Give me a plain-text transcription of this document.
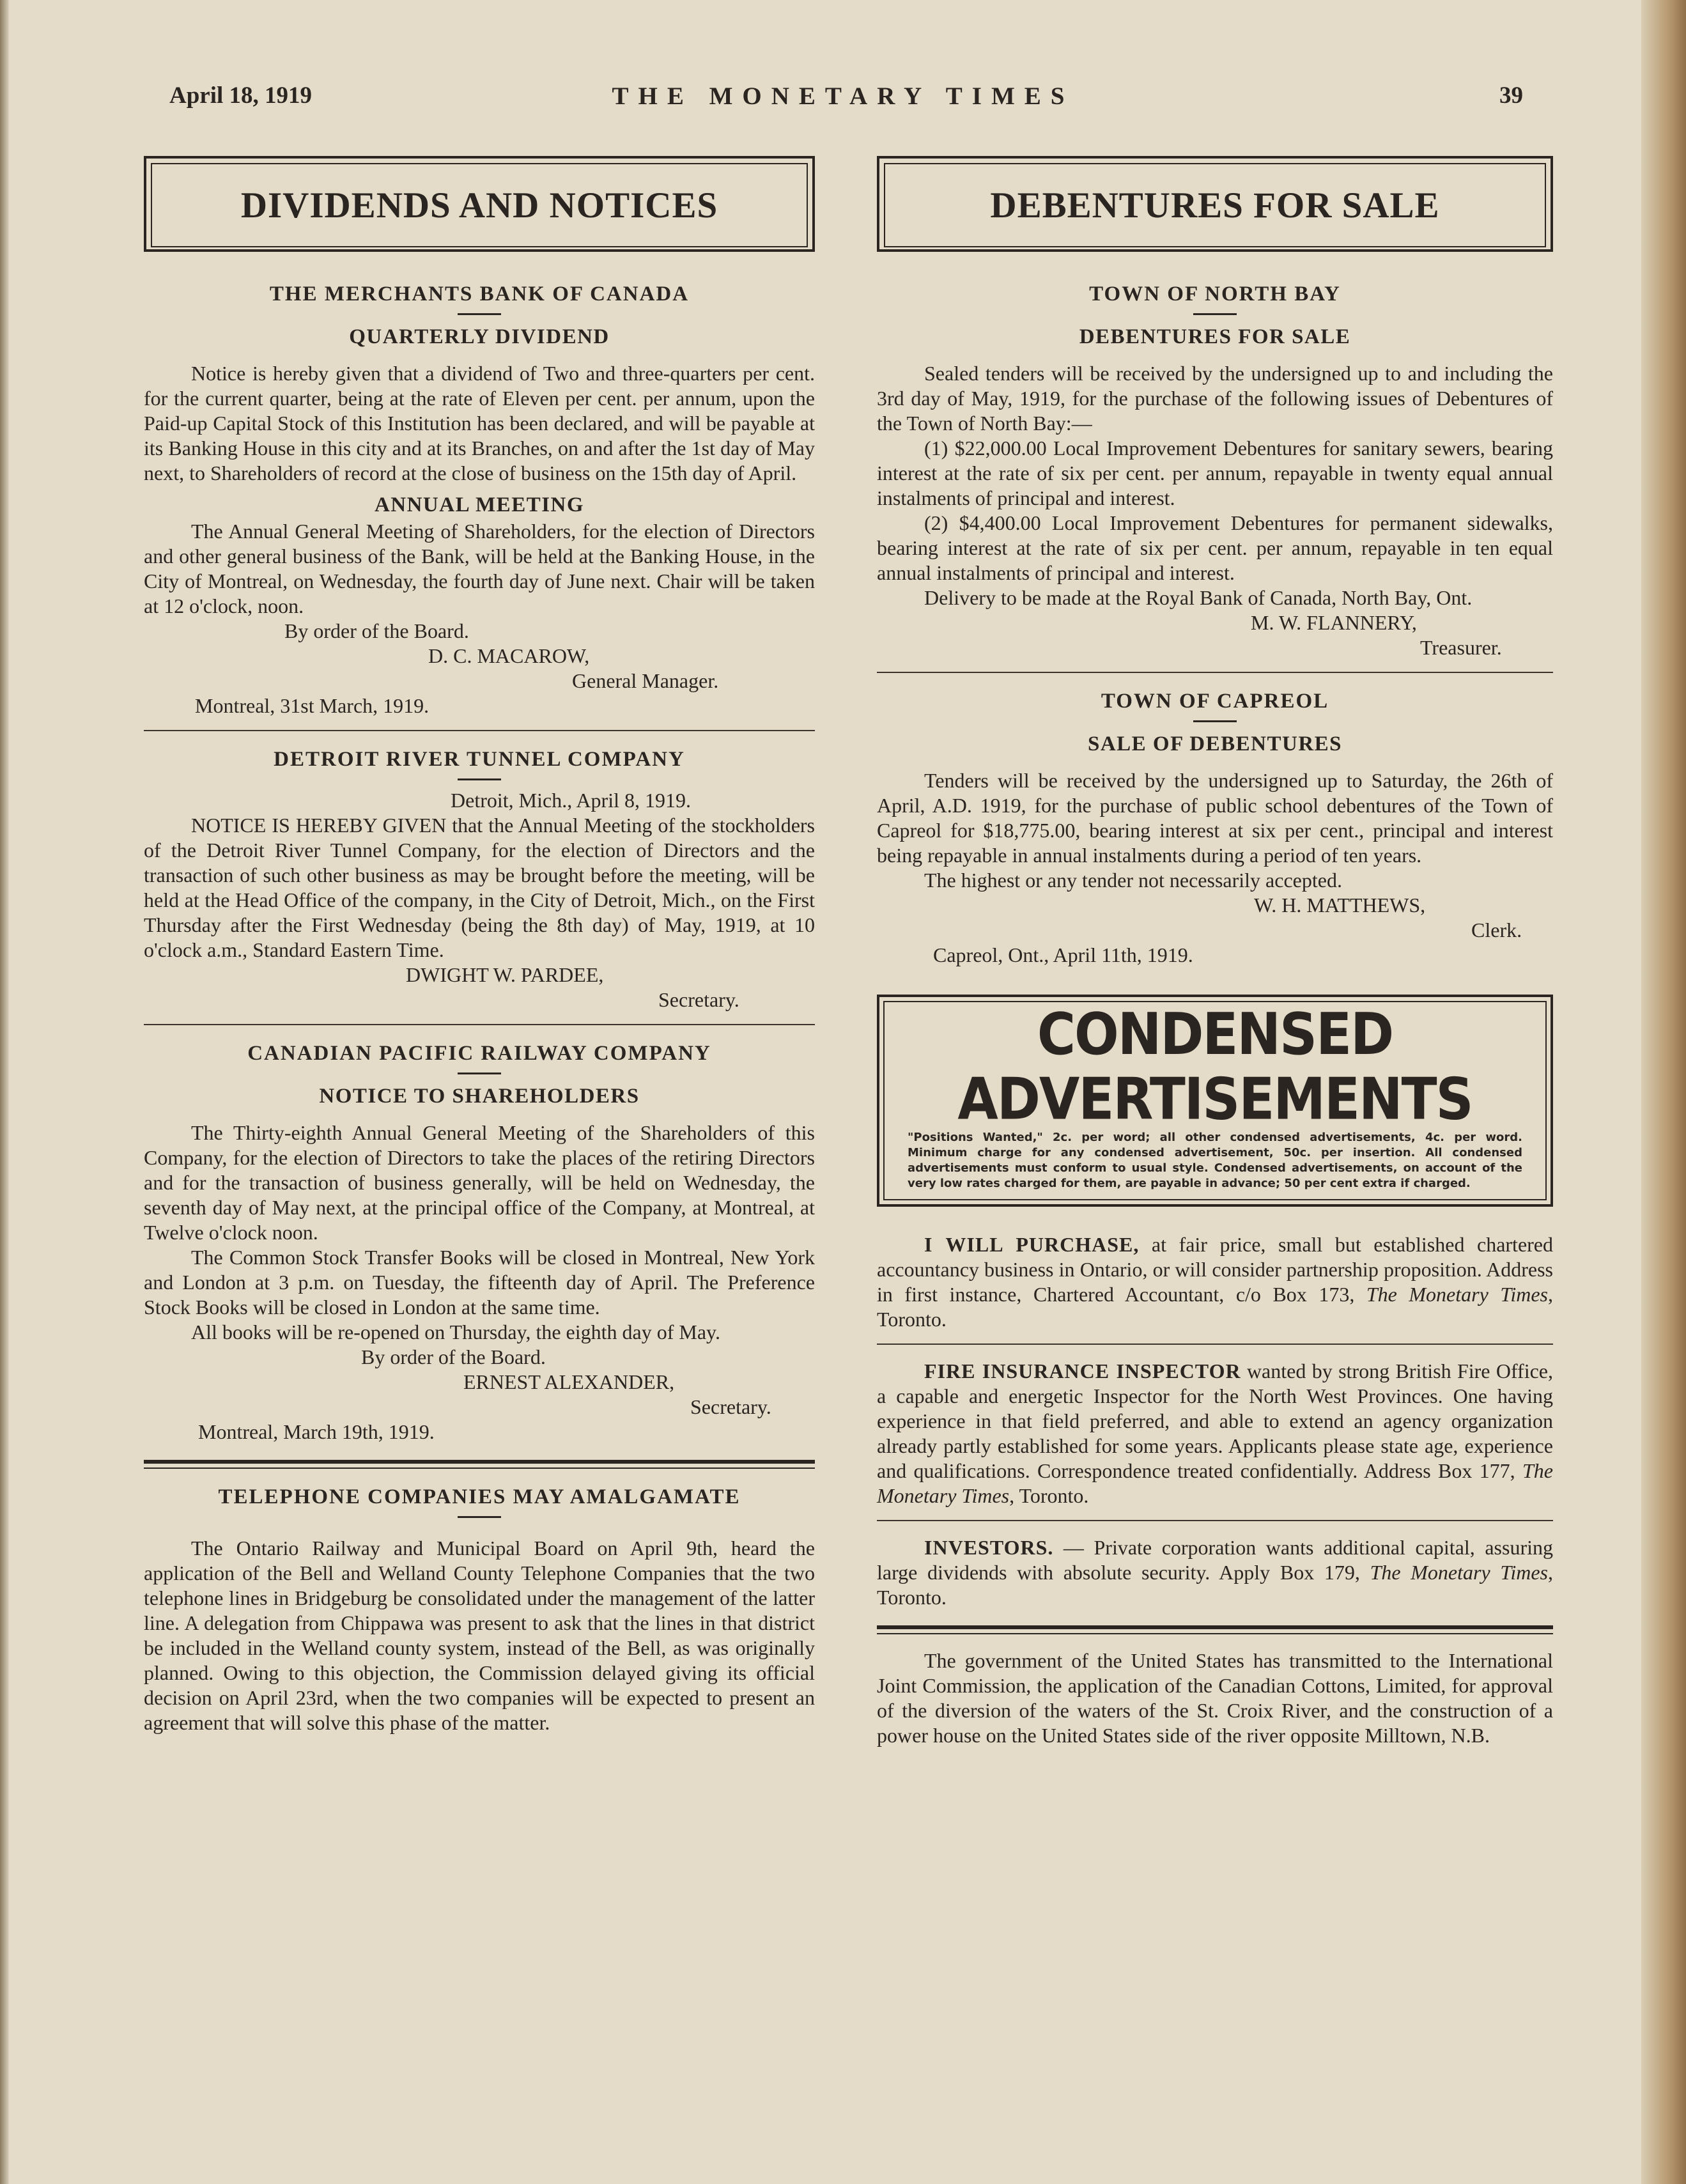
April 18, 1919	THE MONETARY TIMES	39
DIVIDENDS AND NOTICES
THE MERCHANTS BANK OF CANADA
QUARTERLY DIVIDEND

Notice is hereby given that a dividend of Two and three-quarters per cent. for the current quarter, being at the rate of Eleven per cent. per annum, upon the Paid-up Capital Stock of this Institution has been declared, and will be payable at its Banking House in this city and at its Branches, on and after the 1st day of May next, to Shareholders of record at the close of business on the 15th day of April.

ANNUAL MEETING

The Annual General Meeting of Shareholders, for the election of Directors and other general business of the Bank, will be held at the Banking House, in the City of Montreal, on Wednesday, the fourth day of June next. Chair will be taken at 12 o'clock, noon.

By order of the Board.
D. C. MACAROW,
General Manager.
Montreal, 31st March, 1919.
DETROIT RIVER TUNNEL COMPANY
Detroit, Mich., April 8, 1919.

NOTICE IS HEREBY GIVEN that the Annual Meeting of the stockholders of the Detroit River Tunnel Company, for the election of Directors and the transaction of such other business as may be brought before the meeting, will be held at the Head Office of the company, in the City of Detroit, Mich., on the First Thursday after the First Wednesday (being the 8th day) of May, 1919, at 10 o'clock a.m., Standard Eastern Time.

DWIGHT W. PARDEE,
Secretary.
CANADIAN PACIFIC RAILWAY COMPANY
NOTICE TO SHAREHOLDERS

The Thirty-eighth Annual General Meeting of the Shareholders of this Company, for the election of Directors to take the places of the retiring Directors and for the transaction of business generally, will be held on Wednesday, the seventh day of May next, at the principal office of the Company, at Montreal, at Twelve o'clock noon.

The Common Stock Transfer Books will be closed in Montreal, New York and London at 3 p.m. on Tuesday, the fifteenth day of April. The Preference Stock Books will be closed in London at the same time.

All books will be re-opened on Thursday, the eighth day of May.

By order of the Board.
ERNEST ALEXANDER,
Secretary.
Montreal, March 19th, 1919.
TELEPHONE COMPANIES MAY AMALGAMATE

The Ontario Railway and Municipal Board on April 9th, heard the application of the Bell and Welland County Telephone Companies that the two telephone lines in Bridgeburg be consolidated under the management of the latter line. A delegation from Chippawa was present to ask that the lines in that district be included in the Welland county system, instead of the Bell, as was originally planned. Owing to this objection, the Commission delayed giving its official decision on April 23rd, when the two companies will be expected to present an agreement that will solve this phase of the matter.

DEBENTURES FOR SALE
TOWN OF NORTH BAY
DEBENTURES FOR SALE

Sealed tenders will be received by the undersigned up to and including the 3rd day of May, 1919, for the purchase of the following issues of Debentures of the Town of North Bay:—

(1) $22,000.00 Local Improvement Debentures for sanitary sewers, bearing interest at the rate of six per cent. per annum, repayable in twenty equal annual instalments of principal and interest.

(2) $4,400.00 Local Improvement Debentures for permanent sidewalks, bearing interest at the rate of six per cent. per annum, repayable in ten equal annual instalments of principal and interest.

Delivery to be made at the Royal Bank of Canada, North Bay, Ont.

M. W. FLANNERY,
Treasurer.
TOWN OF CAPREOL
SALE OF DEBENTURES

Tenders will be received by the undersigned up to Saturday, the 26th of April, A.D. 1919, for the purchase of public school debentures of the Town of Capreol for $18,775.00, bearing interest at six per cent., principal and interest being repayable in annual instalments during a period of ten years.

The highest or any tender not necessarily accepted.

W. H. MATTHEWS,
Clerk.
Capreol, Ont., April 11th, 1919.
CONDENSED ADVERTISEMENTS

"Positions Wanted," 2c. per word; all other condensed advertisements, 4c. per word. Minimum charge for any condensed advertisement, 50c. per insertion. All condensed advertisements must conform to usual style. Condensed advertisements, on account of the very low rates charged for them, are payable in advance; 50 per cent extra if charged.

I WILL PURCHASE, at fair price, small but established chartered accountancy business in Ontario, or will consider partnership proposition. Address in first instance, Chartered Accountant, c/o Box 173, The Monetary Times, Toronto.

FIRE INSURANCE INSPECTOR wanted by strong British Fire Office, a capable and energetic Inspector for the North West Provinces. One having experience in that field preferred, and able to extend an agency organization already partly established for some years. Applicants please state age, experience and qualifications. Correspondence treated confidentially. Address Box 177, The Monetary Times, Toronto.

INVESTORS. — Private corporation wants additional capital, assuring large dividends with absolute security. Apply Box 179, The Monetary Times, Toronto.

The government of the United States has transmitted to the International Joint Commission, the application of the Canadian Cottons, Limited, for approval of the diversion of the waters of the St. Croix River, and the construction of a power house on the United States side of the river opposite Milltown, N.B.
